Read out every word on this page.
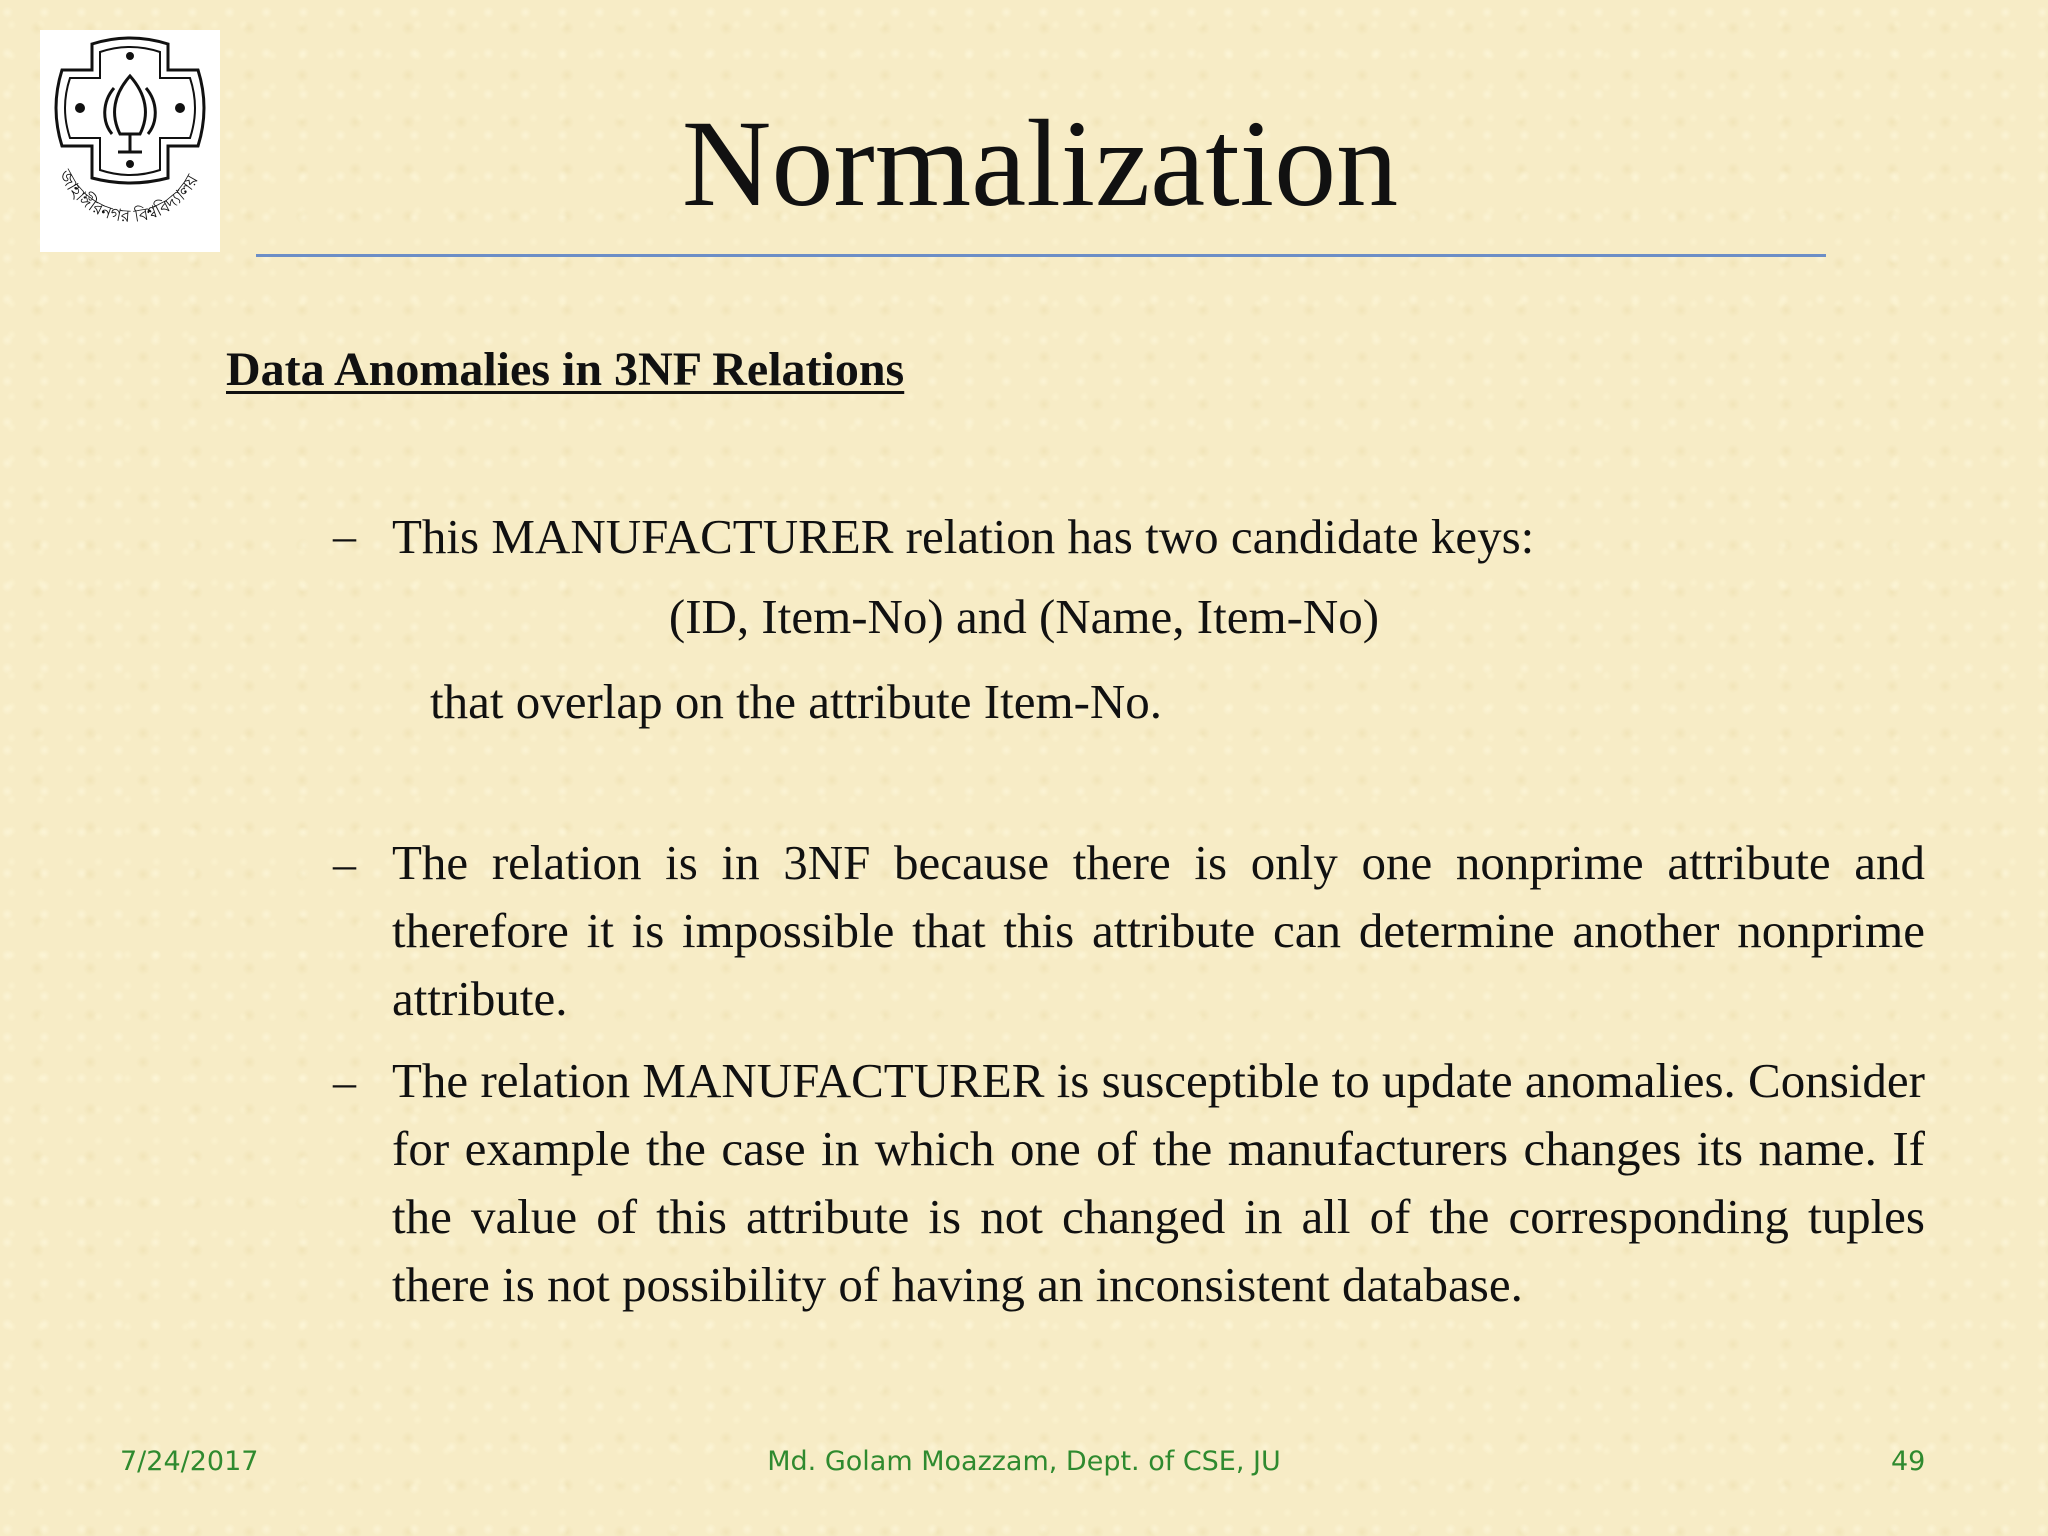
জাহাঙ্গীরনগর বিশ্ববিদ্যালয়	Normalization
Data Anomalies in 3NF Relations
– This MANUFACTURER relation has two candidate keys:

(ID, Item-No) and (Name, Item-No)

that overlap on the attribute Item-No.

– The relation is in 3NF because there is only one nonprime attribute and therefore it is impossible that this attribute can determine another nonprime attribute.

– The relation MANUFACTURER is susceptible to update anomalies. Consider for example the case in which one of the manufacturers changes its name. If the value of this attribute is not changed in all of the corresponding tuples there is not possibility of having an inconsistent database.

7/24/2017	Md. Golam Moazzam, Dept. of CSE, JU	49
